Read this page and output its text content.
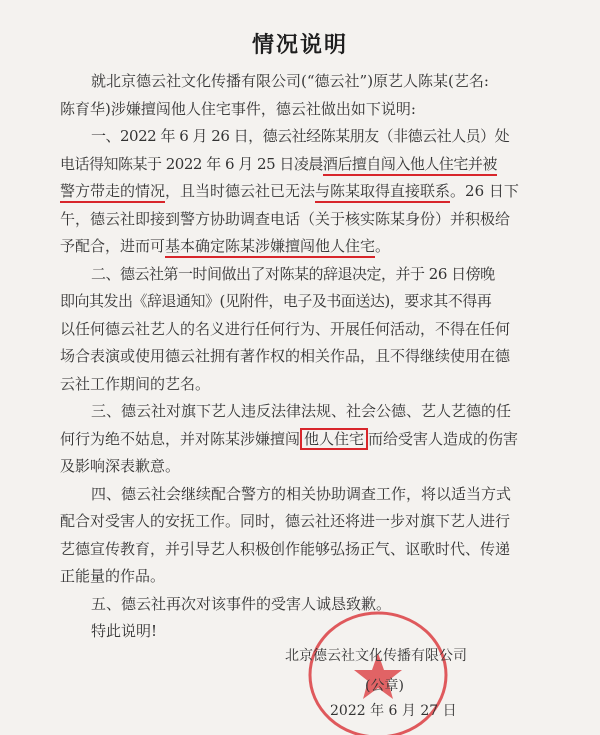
情况说明
就北京德云社文化传播有限公司(“德云社”)原艺人陈某(艺名:
陈育华)涉嫌擅闯他人住宅事件，德云社做出如下说明:
一、2022 年 6 月 26 日，德云社经陈某朋友（非德云社人员）处
电话得知陈某于 2022 年 6 月 25 日凌晨酒后擅自闯入他人住宅并被
警方带走的情况，且当时德云社已无法与陈某取得直接联系。26 日下
午，德云社即接到警方协助调查电话（关于核实陈某身份）并积极给
予配合，进而可基本确定陈某涉嫌擅闯他人住宅。
二、德云社第一时间做出了对陈某的辞退决定，并于 26 日傍晚
即向其发出《辞退通知》(见附件，电子及书面送达)，要求其不得再
以任何德云社艺人的名义进行任何行为、开展任何活动，不得在任何
场合表演或使用德云社拥有著作权的相关作品，且不得继续使用在德
云社工作期间的艺名。
三、德云社对旗下艺人违反法律法规、社会公德、艺人艺德的任
何行为绝不姑息，并对陈某涉嫌擅闯 他人住宅 而给受害人造成的伤害
及影响深表歉意。
四、德云社会继续配合警方的相关协助调查工作，将以适当方式
配合对受害人的安抚工作。同时，德云社还将进一步对旗下艺人进行
艺德宣传教育，并引导艺人积极创作能够弘扬正气、讴歌时代、传递
正能量的作品。
五、德云社再次对该事件的受害人诚恳致歉。
特此说明!
北京德云社文化传播有限公司
(公章)
2022 年 6 月 27 日
